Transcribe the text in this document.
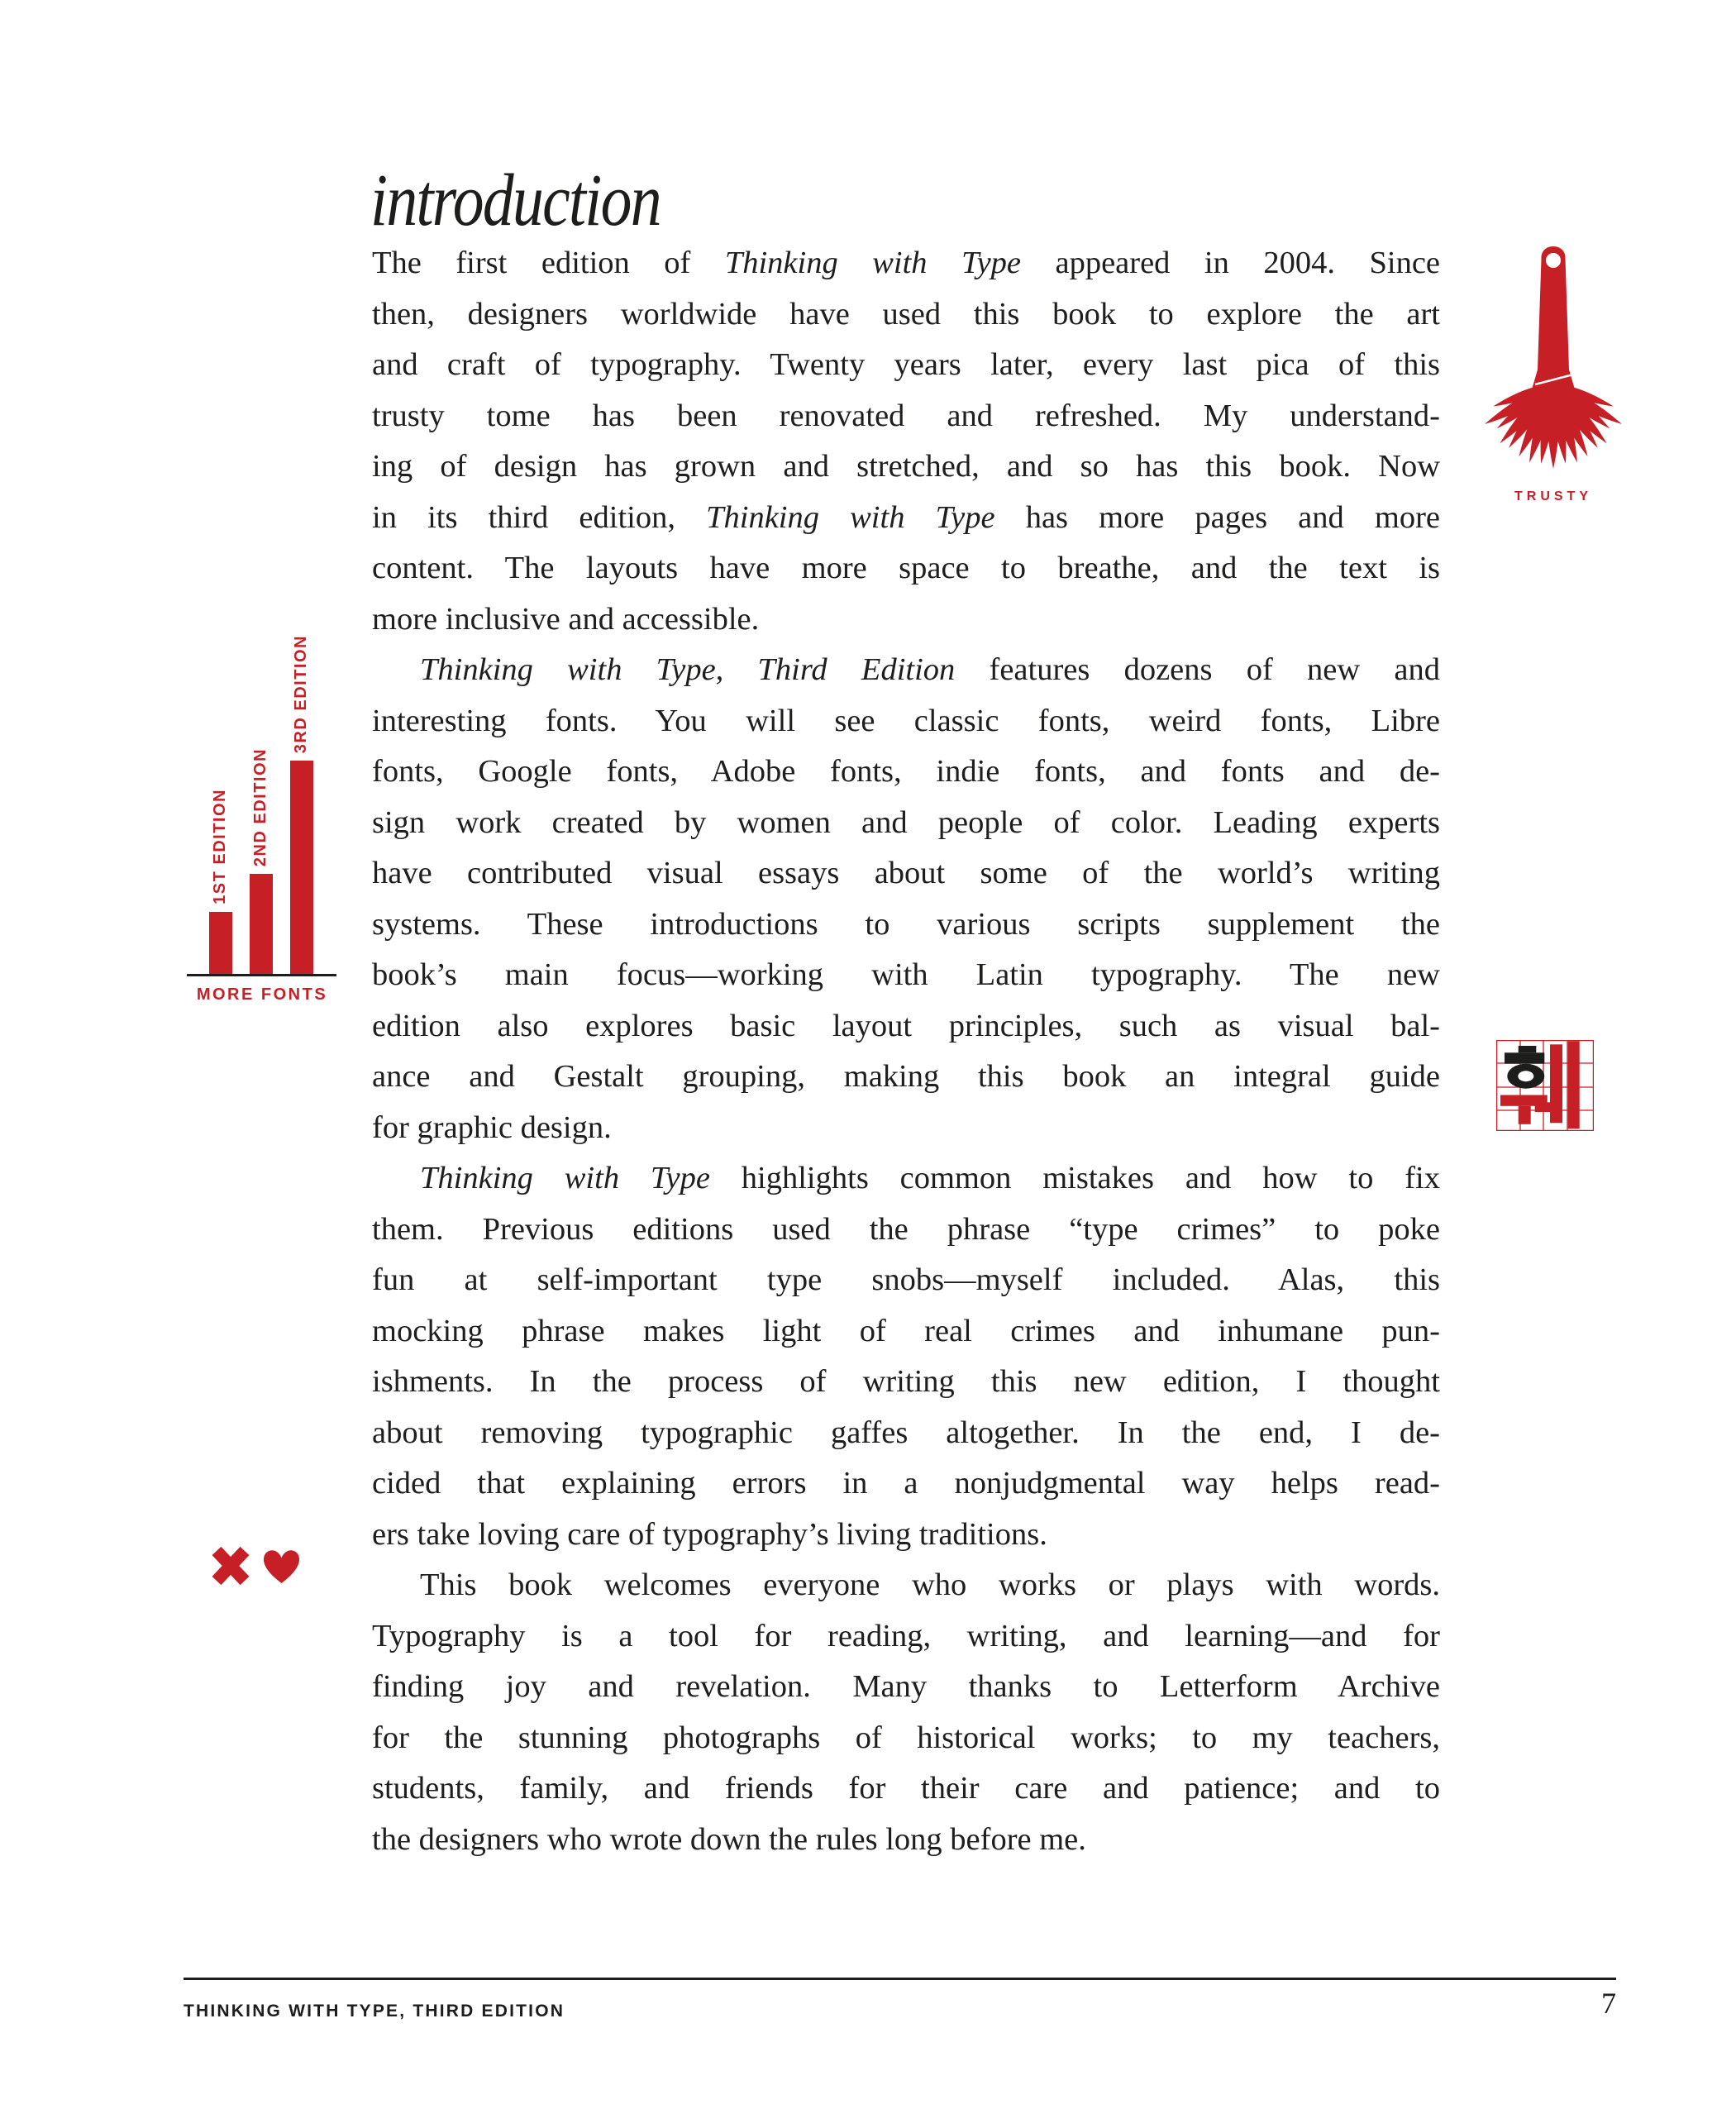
introduction
The first edition of Thinking with Type appeared in 2004. Since
then, designers worldwide have used this book to explore the art
and craft of typography. Twenty years later, every last pica of this
trusty tome has been renovated and refreshed. My understand-
ing of design has grown and stretched, and so has this book. Now
in its third edition, Thinking with Type has more pages and more
content. The layouts have more space to breathe, and the text is
more inclusive and accessible.
Thinking with Type, Third Edition features dozens of new and
interesting fonts. You will see classic fonts, weird fonts, Libre
fonts, Google fonts, Adobe fonts, indie fonts, and fonts and de-
sign work created by women and people of color. Leading experts
have contributed visual essays about some of the world’s writing
systems. These introductions to various scripts supplement the
book’s main focus—working with Latin typography. The new
edition also explores basic layout principles, such as visual bal-
ance and Gestalt grouping, making this book an integral guide
for graphic design.
Thinking with Type highlights common mistakes and how to fix
them. Previous editions used the phrase “type crimes” to poke
fun at self-important type snobs—myself included. Alas, this
mocking phrase makes light of real crimes and inhumane pun-
ishments. In the process of writing this new edition, I thought
about removing typographic gaffes altogether. In the end, I de-
cided that explaining errors in a nonjudgmental way helps read-
ers take loving care of typography’s living traditions.
This book welcomes everyone who works or plays with words.
Typography is a tool for reading, writing, and learning—and for
finding joy and revelation. Many thanks to Letterform Archive
for the stunning photographs of historical works; to my teachers,
students, family, and friends for their care and patience; and to
the designers who wrote down the rules long before me.
1ST EDITION 2ND EDITION
3RD EDITION
MORE FONTS
TRUSTY
THINKING WITH TYPE, THIRD EDITION	7
